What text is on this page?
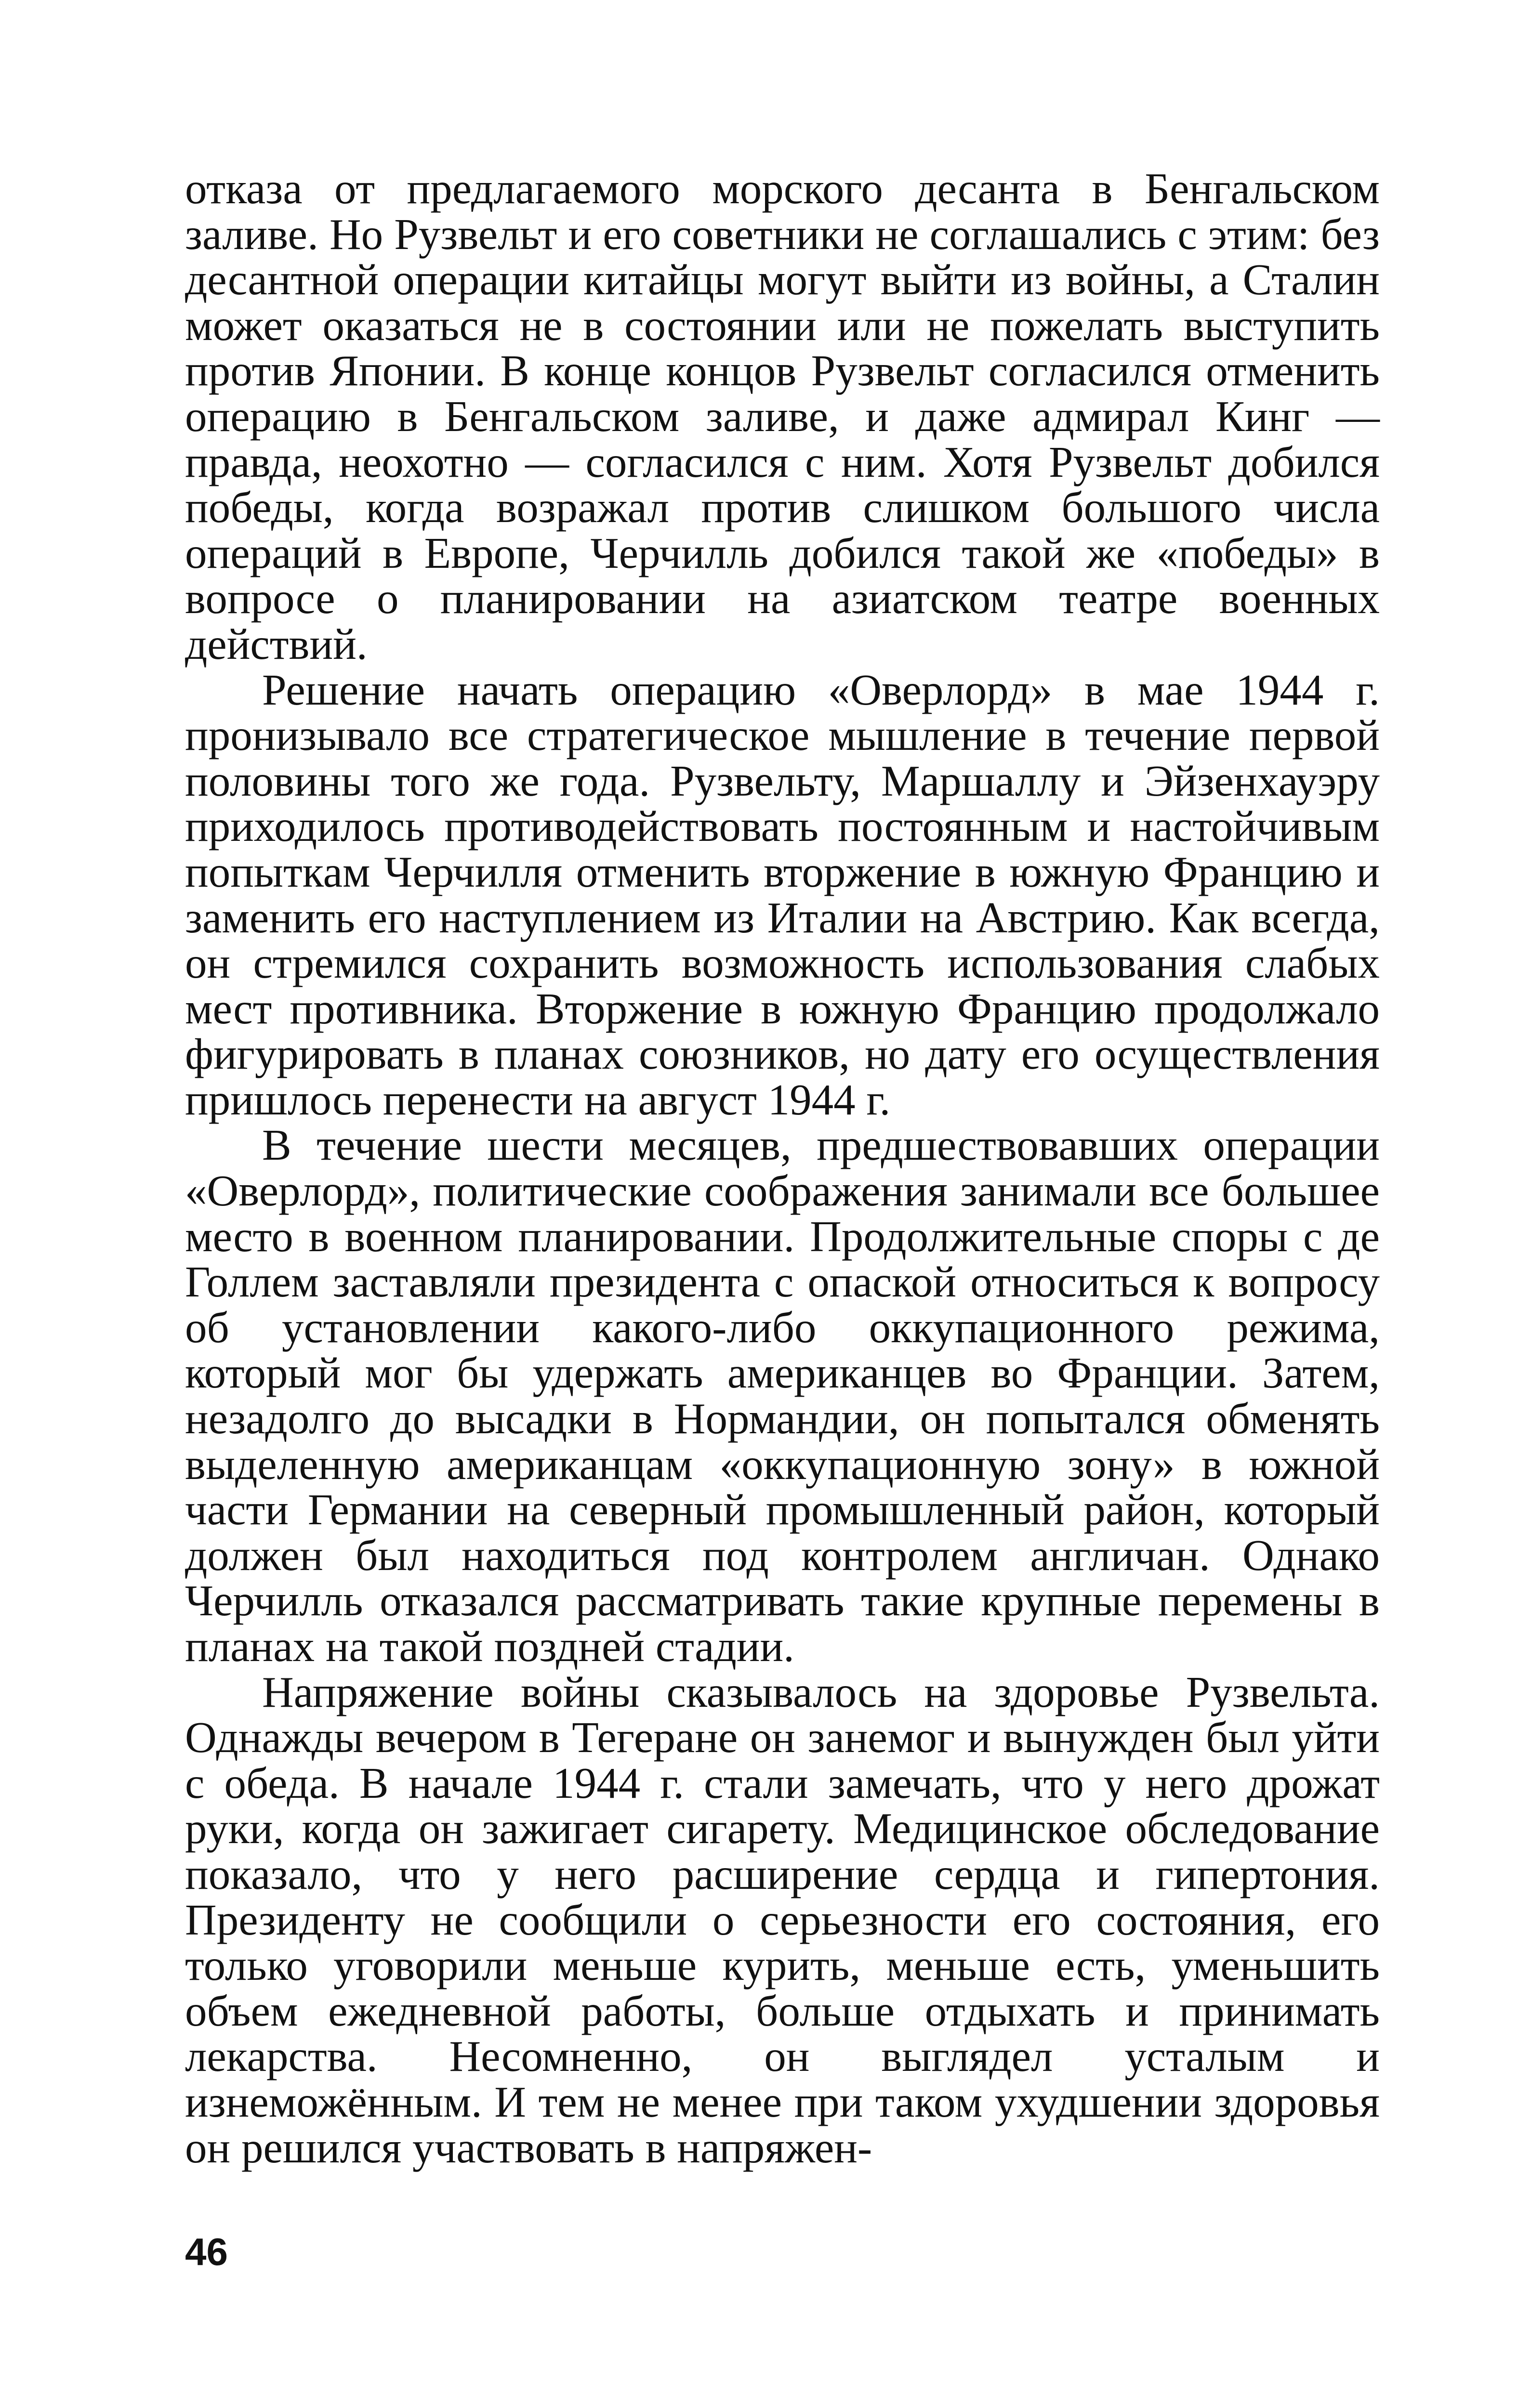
отказа от предлагаемого морского десанта в Бенгальском заливе. Но Рузвельт и его советники не соглашались с этим: без десантной операции китайцы могут выйти из войны, а Сталин может оказаться не в состоянии или не пожелать выступить против Японии. В конце концов Рузвельт согласился отменить операцию в Бенгальском заливе, и даже адмирал Кинг — правда, неохотно — согласился с ним. Хотя Рузвельт добился победы, когда возражал против слишком большого числа операций в Европе, Черчилль добился такой же «победы» в вопросе о планировании на азиатском театре военных действий.

Решение начать операцию «Оверлорд» в мае 1944 г. пронизывало все стратегическое мышление в течение первой половины того же года. Рузвельту, Маршаллу и Эйзенхауэру приходилось противодействовать постоянным и настойчивым попыткам Черчилля отменить вторжение в южную Францию и заменить его наступлением из Италии на Австрию. Как всегда, он стремился сохранить возможность использования слабых мест противника. Вторжение в южную Францию продолжало фигурировать в планах союзников, но дату его осуществления пришлось перенести на август 1944 г.

В течение шести месяцев, предшествовавших операции «Оверлорд», политические соображения занимали все большее место в военном планировании. Продолжительные споры с де Голлем заставляли президента с опаской относиться к вопросу об установлении какого-либо оккупационного режима, который мог бы удержать американцев во Франции. Затем, незадолго до высадки в Нормандии, он попытался обменять выделенную американцам «оккупационную зону» в южной части Германии на северный промышленный район, который должен был находиться под контролем англичан. Однако Черчилль отказался рассматривать такие крупные перемены в планах на такой поздней стадии.

Напряжение войны сказывалось на здоровье Рузвельта. Однажды вечером в Тегеране он занемог и вынужден был уйти с обеда. В начале 1944 г. стали замечать, что у него дрожат руки, когда он зажигает сигарету. Медицинское обследование показало, что у него расширение сердца и гипертония. Президенту не сообщили о серьезности его состояния, его только уговорили меньше курить, меньше есть, уменьшить объем ежедневной работы, больше отдыхать и принимать лекарства. Несомненно, он выглядел усталым и изнеможённым. И тем не менее при таком ухудшении здоровья он решился участвовать в напряжен-

46
